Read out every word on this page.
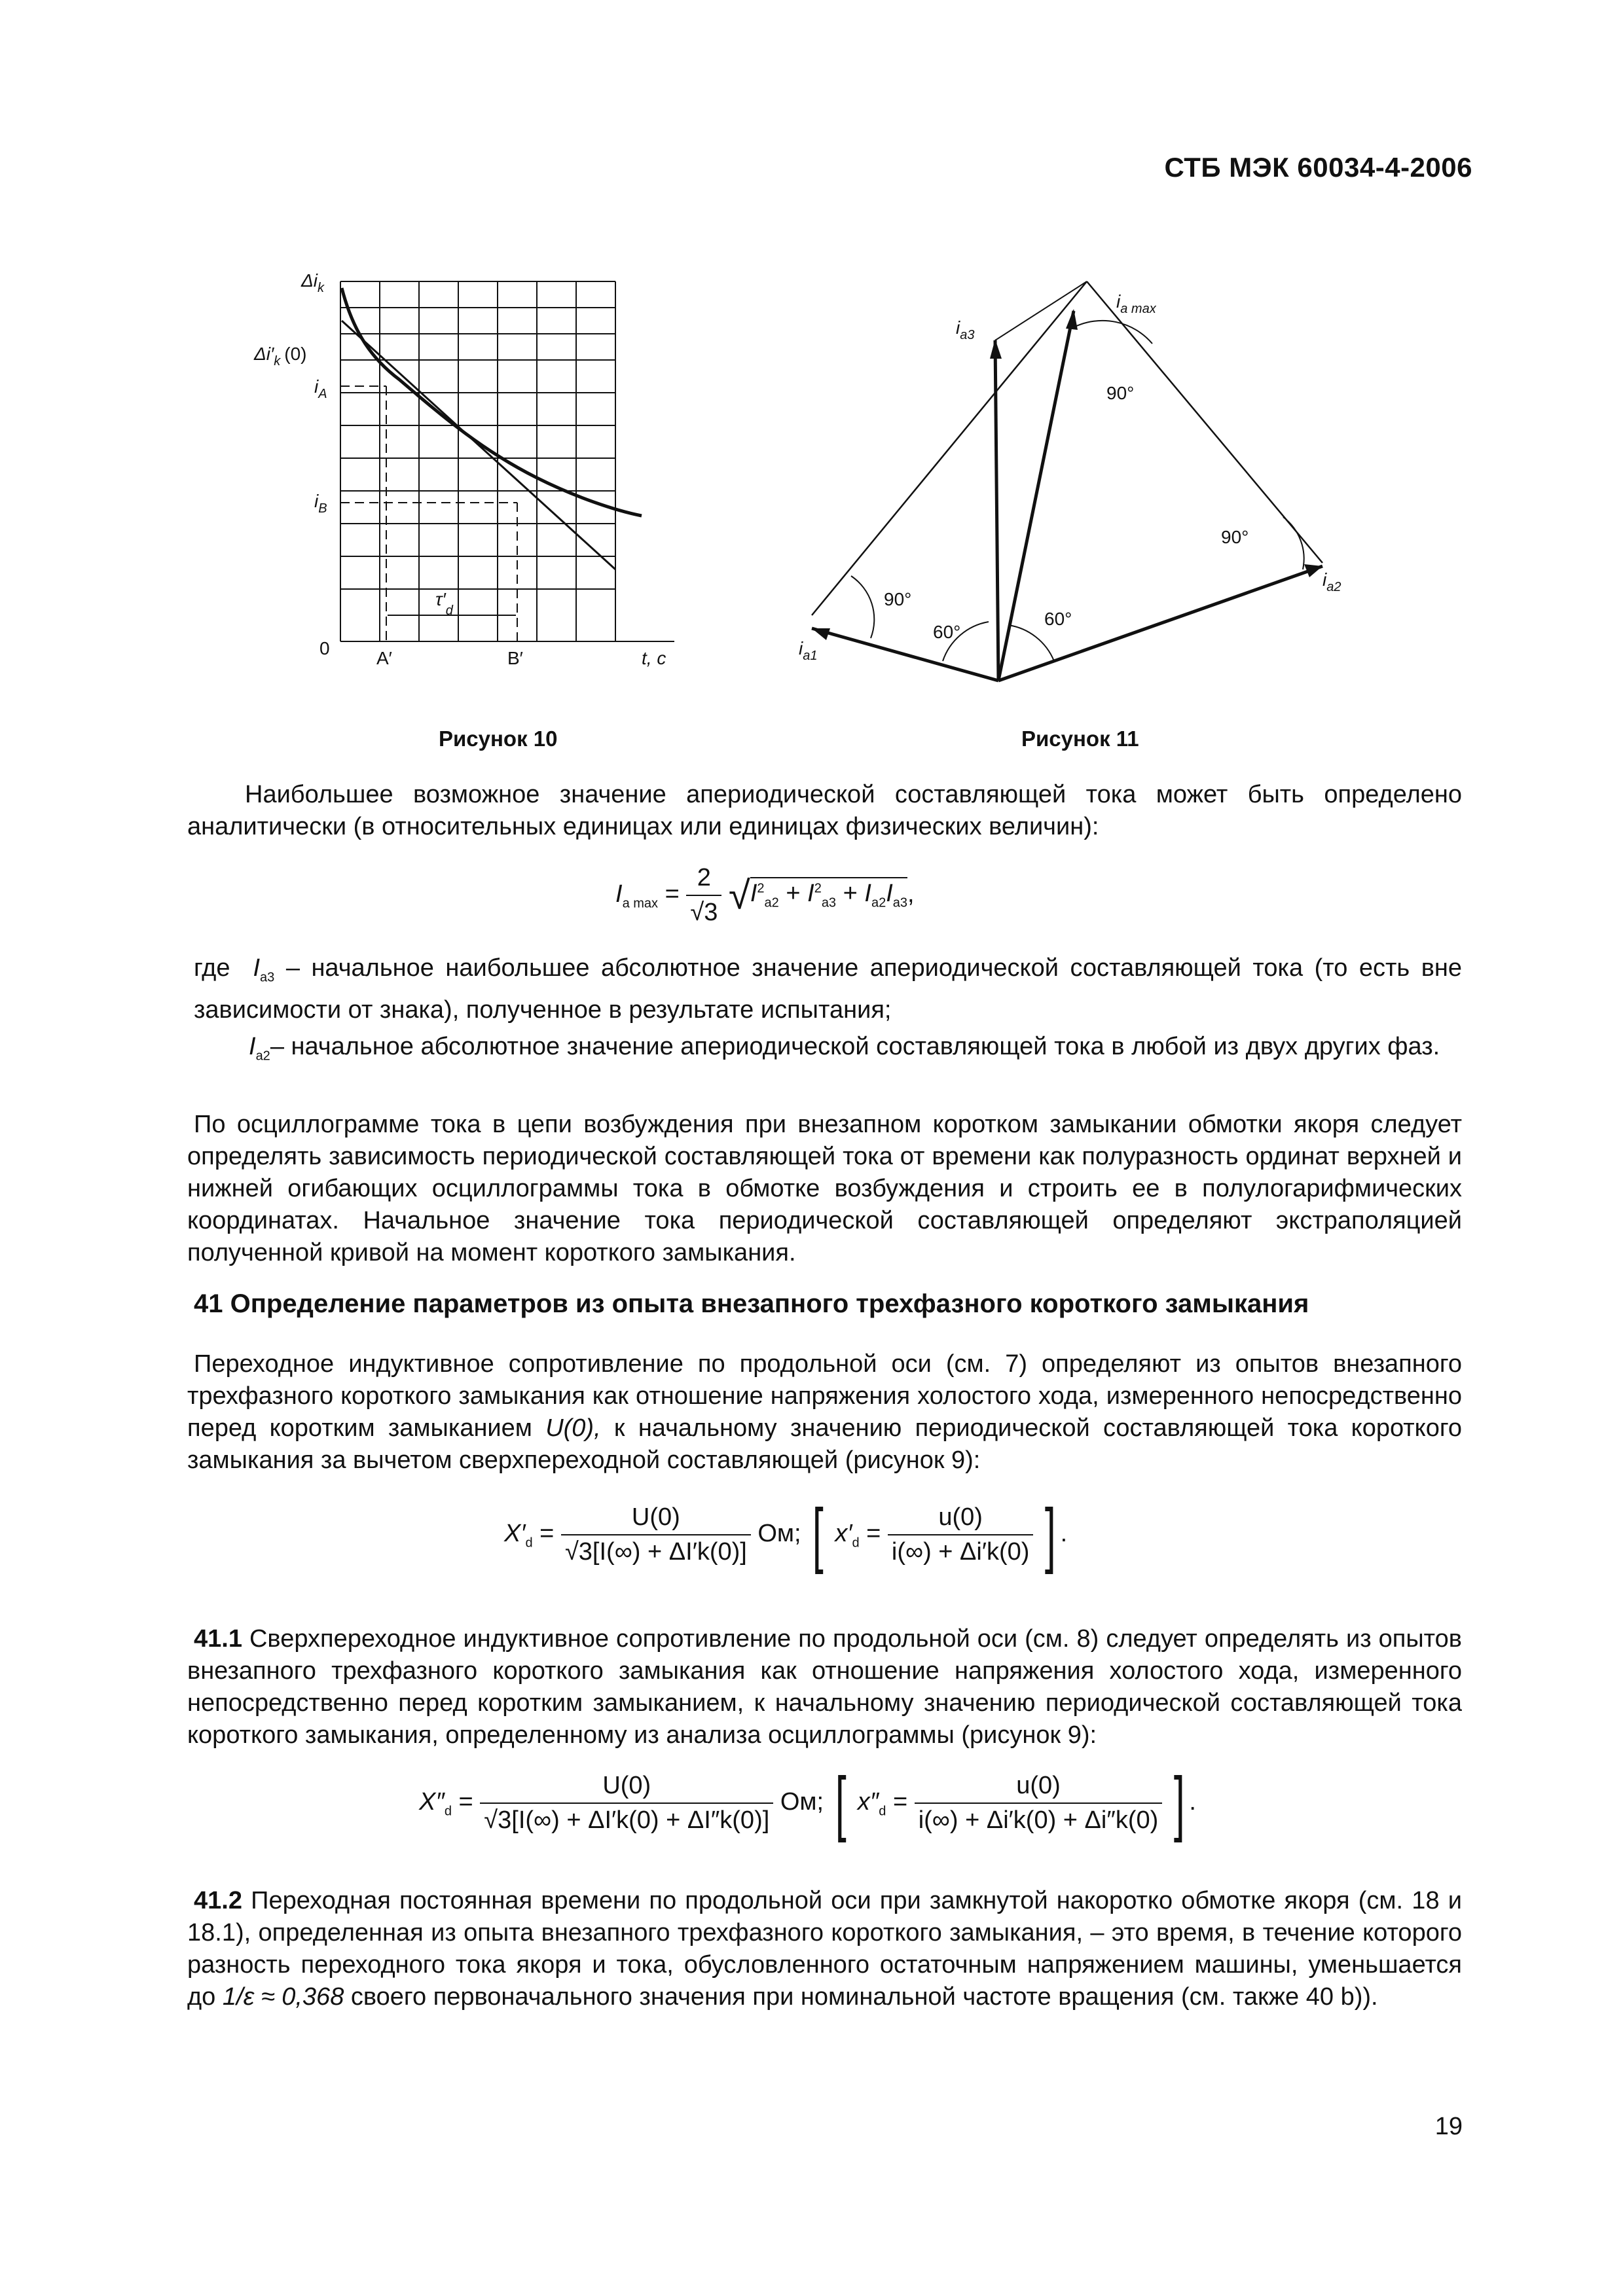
СТБ МЭК 60034-4-2006
$\Delta i_k$
$\Delta i'_k$ (0)
$i_A$
$i_B$
0	A′	B′	t, c
$\tau'_d$
Рисунок 10
$i_{a3}$
$i_{a max}$
$i_{a2}$
$i_{a1}$
90°
90°
90°
60°
60°
Рисунок 11

Наибольшее возможное значение апериодической составляющей тока может быть определено аналитически (в относительных единицах или единицах физических величин):

$I_{a max} = \frac{2}{√3} √I^2_{a2} + I^2_{a3} + I_{a2}I_{a3}$,
где $I_{a3}$ – начальное наибольшее абсолютное значение апериодической составляющей тока (то есть вне зависимости от знака), полученное в результате испытания;
$I_{a2}-$ начальное абсолютное значение апериодической составляющей тока в любой из двух других фаз.

По осциллограмме тока в цепи возбуждения при внезапном коротком замыкании обмотки якоря следует определять зависимость периодической составляющей тока от времени как полуразность ординат верхней и нижней огибающих осциллограммы тока в обмотке возбуждения и строить ее в полулогарифмических координатах. Начальное значение тока периодической составляющей определяют экстраполяцией полученной кривой на момент короткого замыкания.

41 Определение параметров из опыта внезапного трехфазного короткого замыкания

Переходное индуктивное сопротивление по продольной оси (см. 7) определяют из опытов внезапного трехфазного короткого замыкания как отношение напряжения холостого хода, измеренного непосредственно перед коротким замыканием U(0), к начальному значению периодической составляющей тока короткого замыкания за вычетом сверхпереходной составляющей (рисунок 9):

$X'_d = \frac{U(0)}{√3[I(\infty) + \Delta I'k(0)]}$ Ом; [ $x'_d = \frac{u(0)}{i(\infty) + \Delta i'k(0)}$ ] .

41.1 Сверхпереходное индуктивное сопротивление по продольной оси (см. 8) следует определять из опытов внезапного трехфазного короткого замыкания как отношение напряжения холостого хода, измеренного непосредственно перед коротким замыканием, к начальному значению периодической составляющей тока короткого замыкания, определенному из анализа осциллограммы (рисунок 9):

$X''_d = \frac{U(0)}{√3[I(\infty) + \Delta I'k(0) + \Delta I''k(0)]}$ Ом; [ $x''_d = \frac{u(0)}{i(\infty) + \Delta i'k(0) + \Delta i''k(0)}$ ] .

41.2 Переходная постоянная времени по продольной оси при замкнутой накоротко обмотке якоря (см. 18 и 18.1), определенная из опыта внезапного трехфазного короткого замыкания, – это время, в течение которого разность переходного тока якоря и тока, обусловленного остаточным напряжением машины, уменьшается до 1/ε ≈ 0,368 своего первоначального значения при номинальной частоте вращения (см. также 40 b)).

19
